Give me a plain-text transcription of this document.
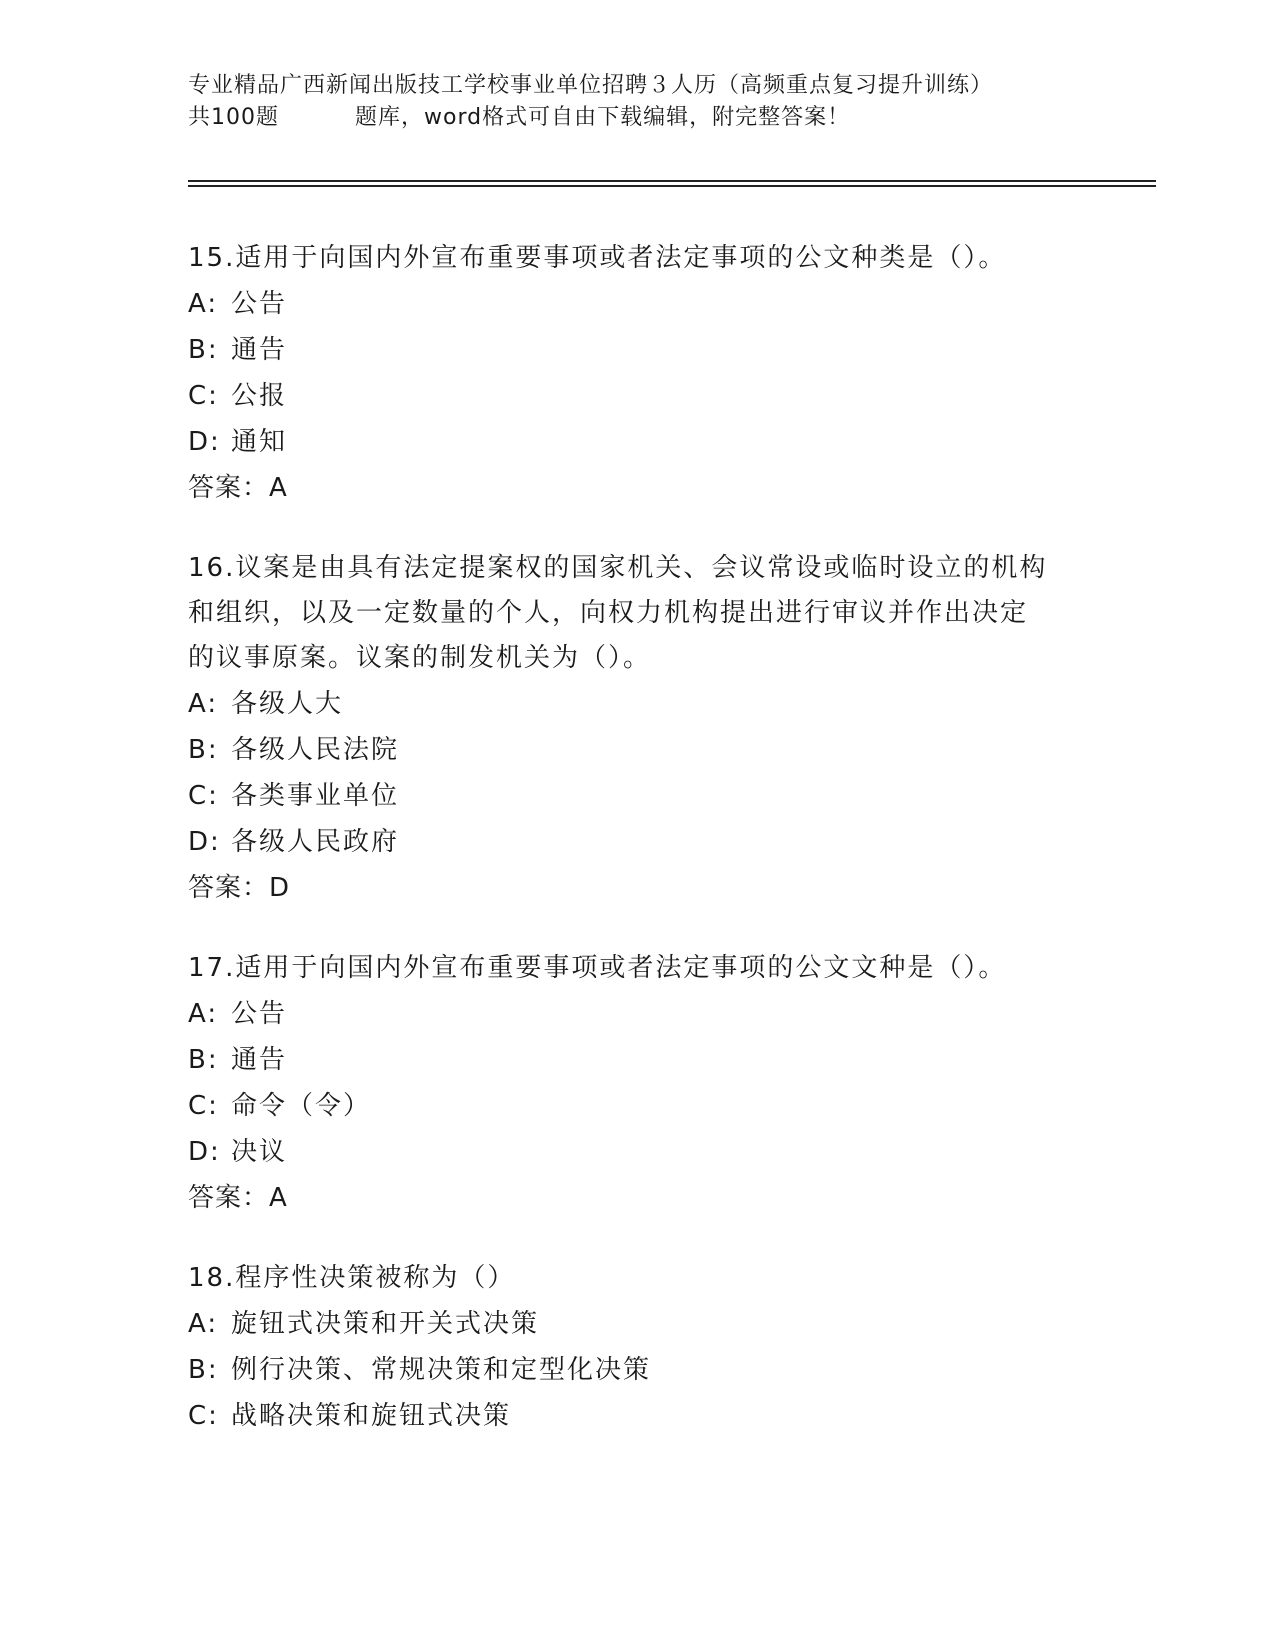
专业精品广西新闻出版技工学校事业单位招聘３人历（高频重点复习提升训练）
共100题	题库，word格式可自由下载编辑，附完整答案！
15.适用于向国内外宣布重要事项或者法定事项的公文种类是（）。
A: 公告
B: 通告
C: 公报
D: 通知
答案：A
16.议案是由具有法定提案权的国家机关、会议常设或临时设立的机构
和组织，以及一定数量的个人，向权力机构提出进行审议并作出决定
的议事原案。议案的制发机关为（）。
A: 各级人大
B: 各级人民法院
C: 各类事业单位
D: 各级人民政府
答案：D
17.适用于向国内外宣布重要事项或者法定事项的公文文种是（）。
A: 公告
B: 通告
C: 命令（令）
D: 决议
答案：A
18.程序性决策被称为（）
A: 旋钮式决策和开关式决策
B: 例行决策、常规决策和定型化决策
C: 战略决策和旋钮式决策
